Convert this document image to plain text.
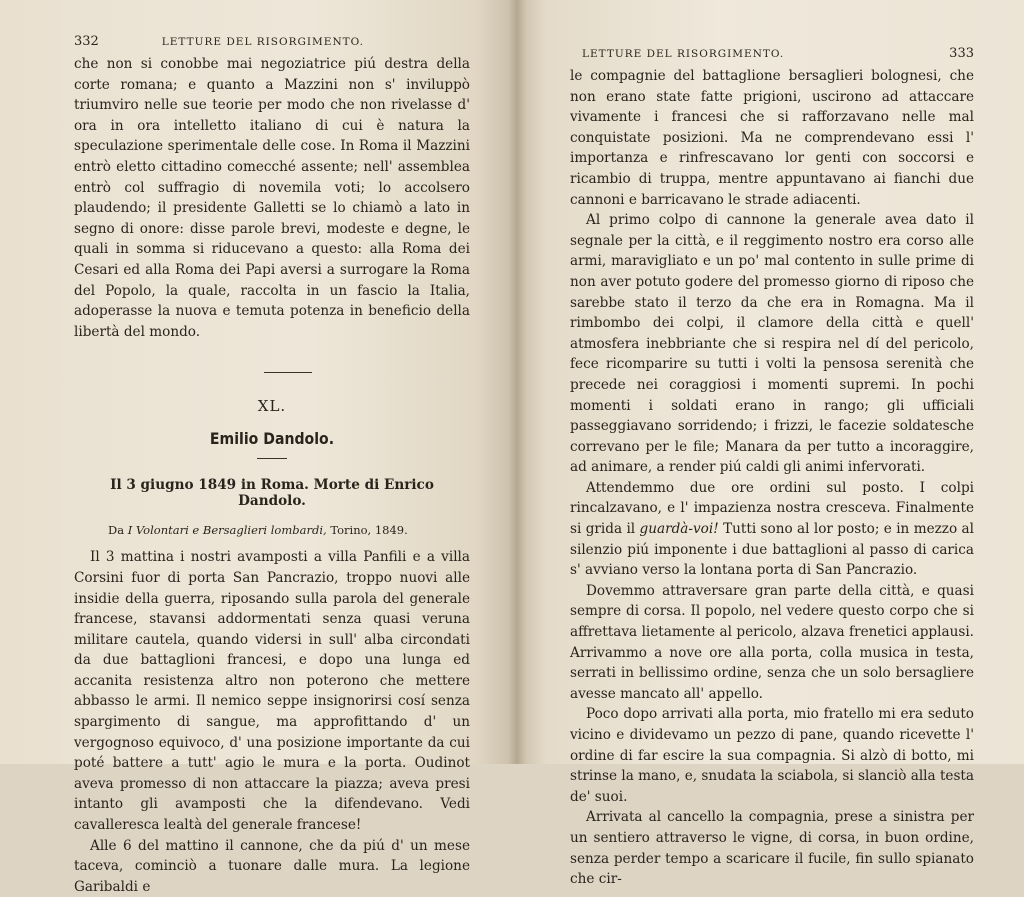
332	LETTURE DEL RISORGIMENTO.

che non si conobbe mai negoziatrice piú destra della corte romana; e quanto a Mazzini non s' inviluppò triumviro nelle sue teorie per modo che non rivelasse d' ora in ora intelletto italiano di cui è natura la speculazione sperimentale delle cose. In Roma il Mazzini entrò eletto cittadino comecché assente; nell' assemblea entrò col suffragio di novemila voti; lo accolsero plaudendo; il presidente Galletti se lo chiamò a lato in segno di onore: disse parole brevi, modeste e degne, le quali in somma si riducevano a questo: alla Roma dei Cesari ed alla Roma dei Papi aversi a surrogare la Roma del Popolo, la quale, raccolta in un fascio la Italia, adoperasse la nuova e temuta potenza in beneficio della libertà del mondo.

XL.
Emilio Dandolo.
Il 3 giugno 1849 in Roma. Morte di Enrico Dandolo.
Da I Volontari e Bersaglieri lombardi, Torino, 1849.

Il 3 mattina i nostri avamposti a villa Panfili e a villa Corsini fuor di porta San Pancrazio, troppo nuovi alle insidie della guerra, riposando sulla parola del generale francese, stavansi addormentati senza quasi veruna militare cautela, quando vidersi in sull' alba circondati da due battaglioni francesi, e dopo una lunga ed accanita resistenza altro non poterono che mettere abbasso le armi. Il nemico seppe insignorirsi cosí senza spargimento di sangue, ma approfittando d' un vergognoso equivoco, d' una posizione importante da cui poté battere a tutt' agio le mura e la porta. Oudinot aveva promesso di non attaccare la piazza; aveva presi intanto gli avamposti che la difendevano. Vedi cavalleresca lealtà del generale francese!

Alle 6 del mattino il cannone, che da piú d' un mese taceva, cominciò a tuonare dalle mura. La legione Garibaldi e

LETTURE DEL RISORGIMENTO.	333

le compagnie del battaglione bersaglieri bolognesi, che non erano state fatte prigioni, uscirono ad attaccare vivamente i francesi che si rafforzavano nelle mal conquistate posizioni. Ma ne comprendevano essi l' importanza e rinfrescavano lor genti con soccorsi e ricambio di truppa, mentre appuntavano ai fianchi due cannoni e barricavano le strade adiacenti.

Al primo colpo di cannone la generale avea dato il segnale per la città, e il reggimento nostro era corso alle armi, maravigliato e un po' mal contento in sulle prime di non aver potuto godere del promesso giorno di riposo che sarebbe stato il terzo da che era in Romagna. Ma il rimbombo dei colpi, il clamore della città e quell' atmosfera inebbriante che si respira nel dí del pericolo, fece ricomparire su tutti i volti la pensosa serenità che precede nei coraggiosi i momenti supremi. In pochi momenti i soldati erano in rango; gli ufficiali passeggiavano sorridendo; i frizzi, le facezie soldatesche correvano per le file; Manara da per tutto a incoraggire, ad animare, a render piú caldi gli animi infervorati.

Attendemmo due ore ordini sul posto. I colpi rincalzavano, e l' impazienza nostra cresceva. Finalmente si grida il guardà-voi! Tutti sono al lor posto; e in mezzo al silenzio piú imponente i due battaglioni al passo di carica s' avviano verso la lontana porta di San Pancrazio.

Dovemmo attraversare gran parte della città, e quasi sempre di corsa. Il popolo, nel vedere questo corpo che si affrettava lietamente al pericolo, alzava frenetici applausi. Arrivammo a nove ore alla porta, colla musica in testa, serrati in bellissimo ordine, senza che un solo bersagliere avesse mancato all' appello.

Poco dopo arrivati alla porta, mio fratello mi era seduto vicino e dividevamo un pezzo di pane, quando ricevette l' ordine di far escire la sua compagnia. Si alzò di botto, mi strinse la mano, e, snudata la sciabola, si slanciò alla testa de' suoi.

Arrivata al cancello la compagnia, prese a sinistra per un sentiero attraverso le vigne, di corsa, in buon ordine, senza perder tempo a scaricare il fucile, fin sullo spianato che cir-
